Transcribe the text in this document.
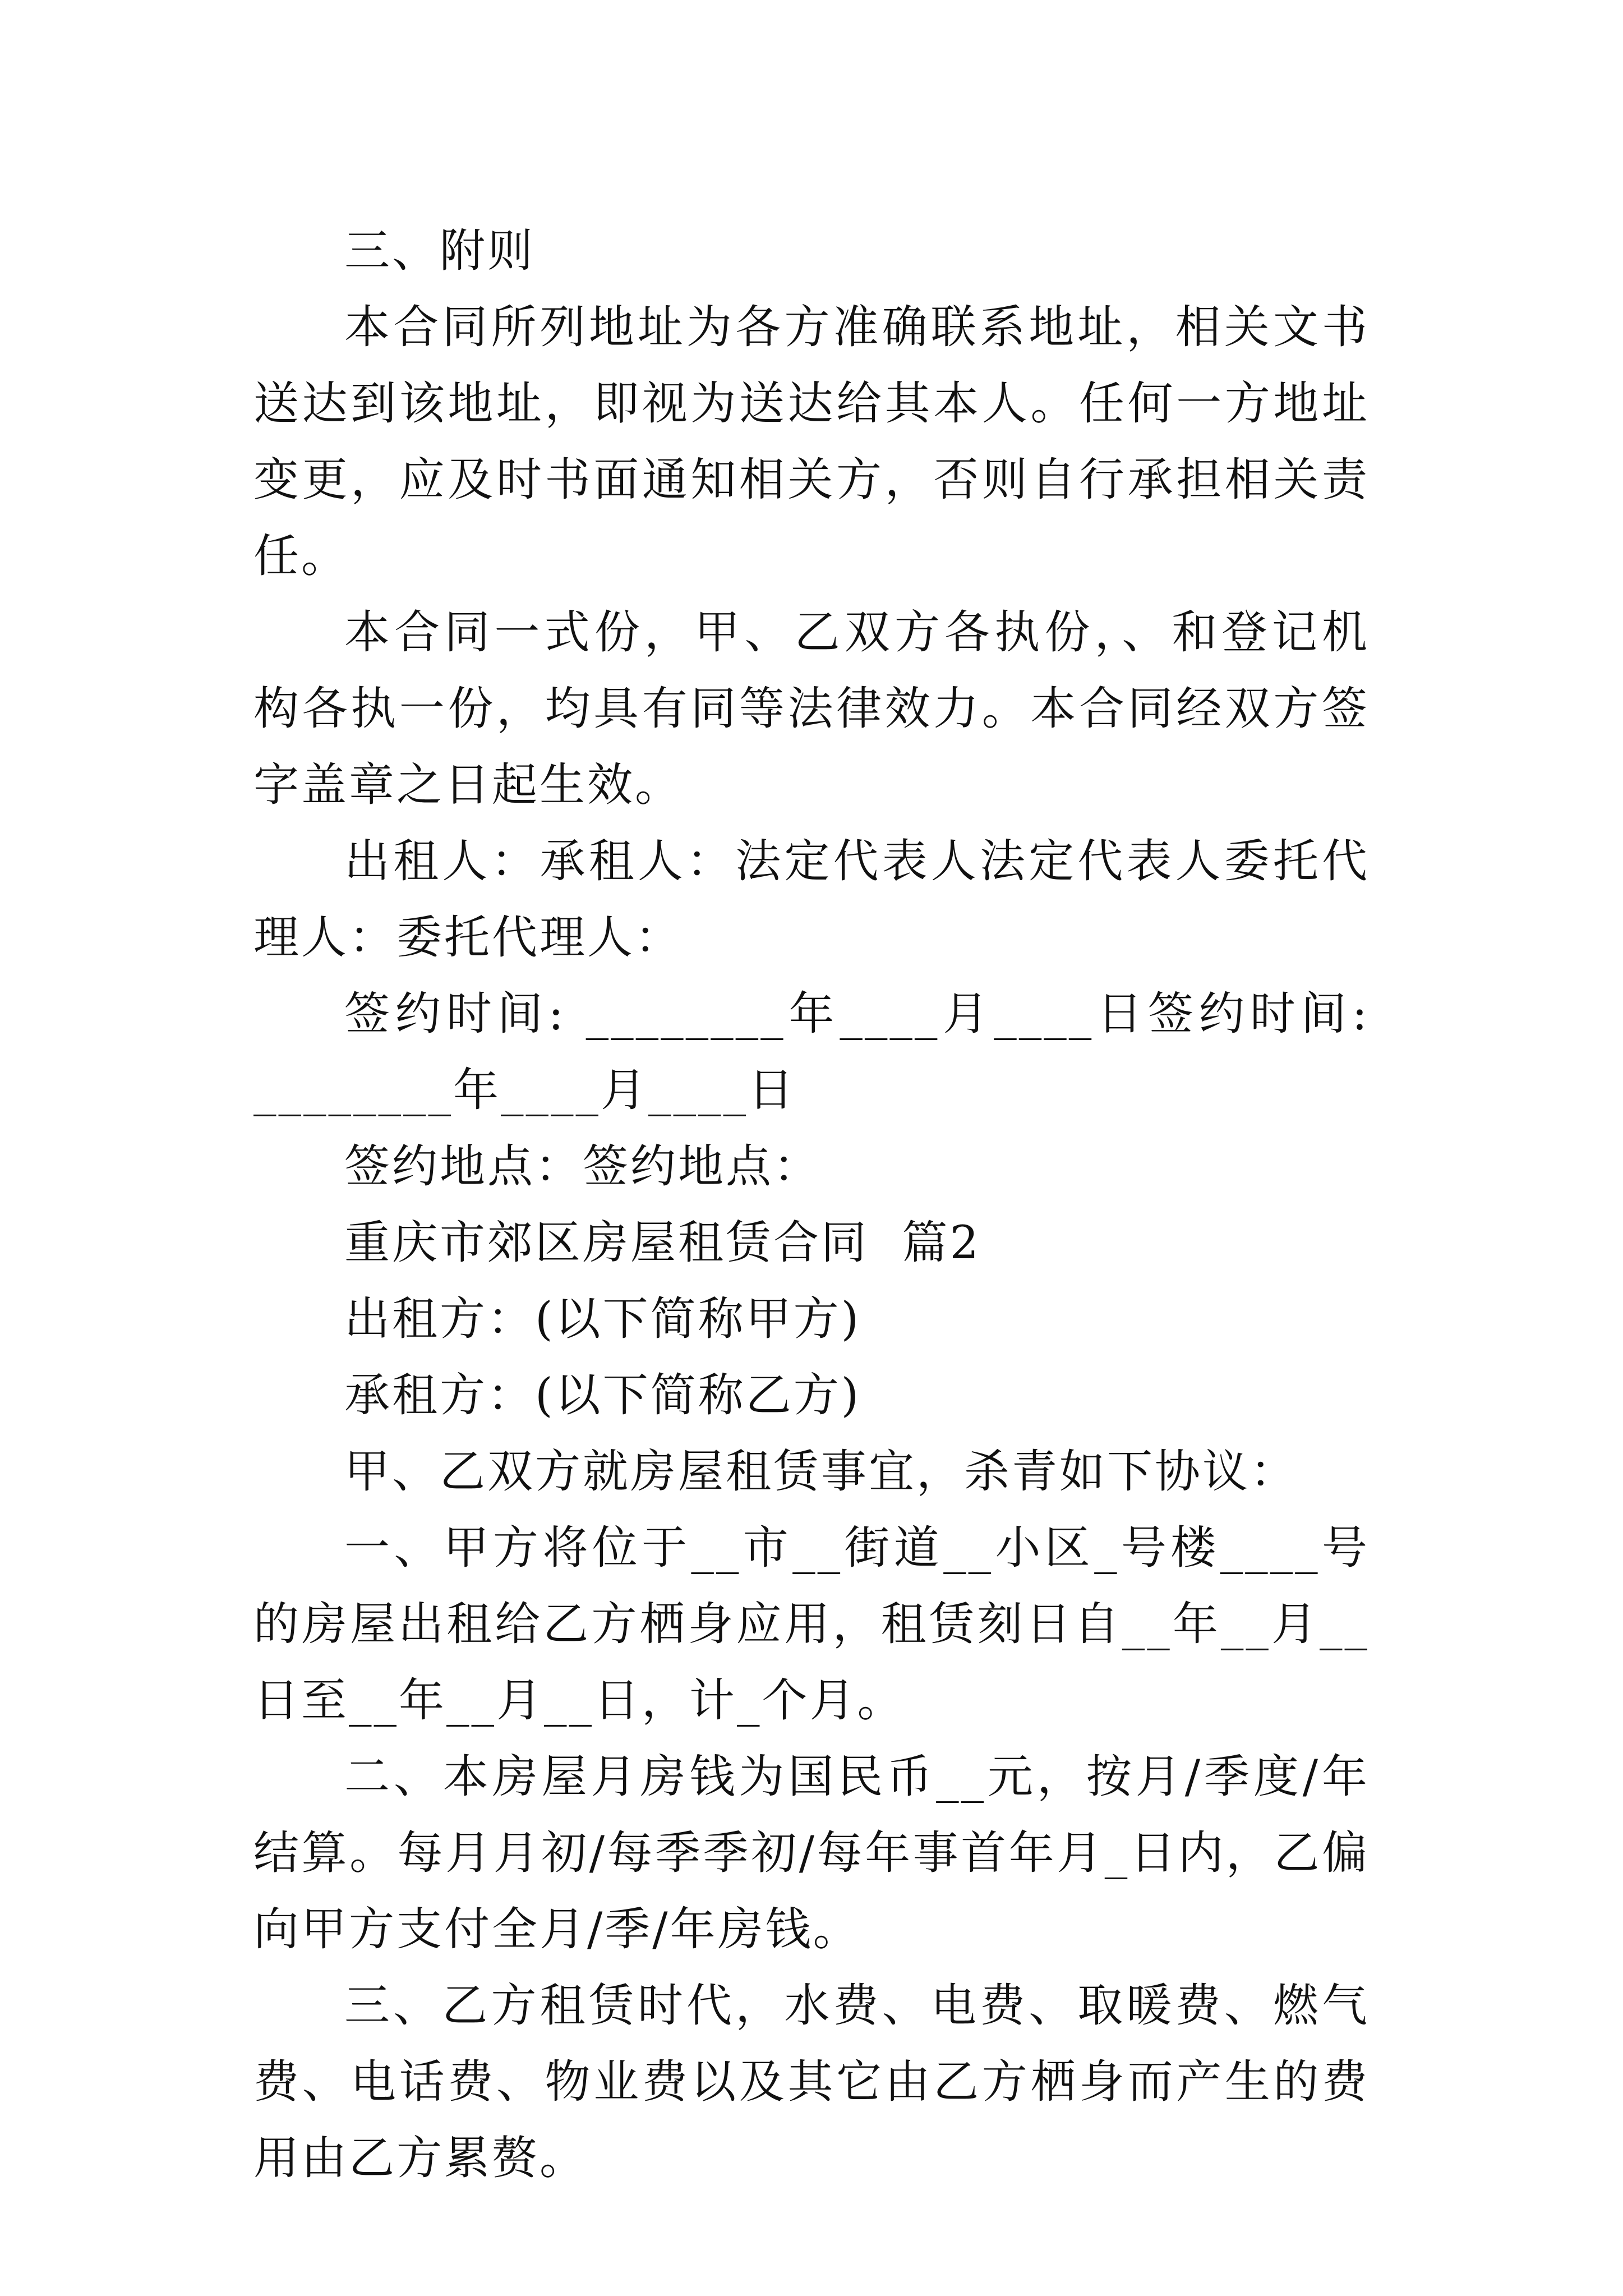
三、附则

本合同所列地址为各方准确联系地址，相关文书送达到该地址，即视为送达给其本人。任何一方地址变更，应及时书面通知相关方，否则自行承担相关责任。

本合同一式份，甲、乙双方各执份，、和登记机构各执一份，均具有同等法律效力。本合同经双方签字盖章之日起生效。

出租人：承租人：法定代表人法定代表人委托代理人：委托代理人：

签约时间: ________年____月____日签约时间: ________年____月____日

签约地点：签约地点：

重庆市郊区房屋租赁合同  篇2

出租方：(以下简称甲方)

承租方：(以下简称乙方)

甲、乙双方就房屋租赁事宜，杀青如下协议：

一、甲方将位于__市__街道__小区_号楼____号的房屋出租给乙方栖身应用，租赁刻日自__年__月__日至__年__月__日，计_个月。

二、本房屋月房钱为国民币__元，按月/季度/年结算。每月月初/每季季初/每年事首年月_日内，乙偏向甲方支付全月/季/年房钱。

三、乙方租赁时代，水费、电费、取暖费、燃气费、电话费、物业费以及其它由乙方栖身而产生的费用由乙方累赘。
